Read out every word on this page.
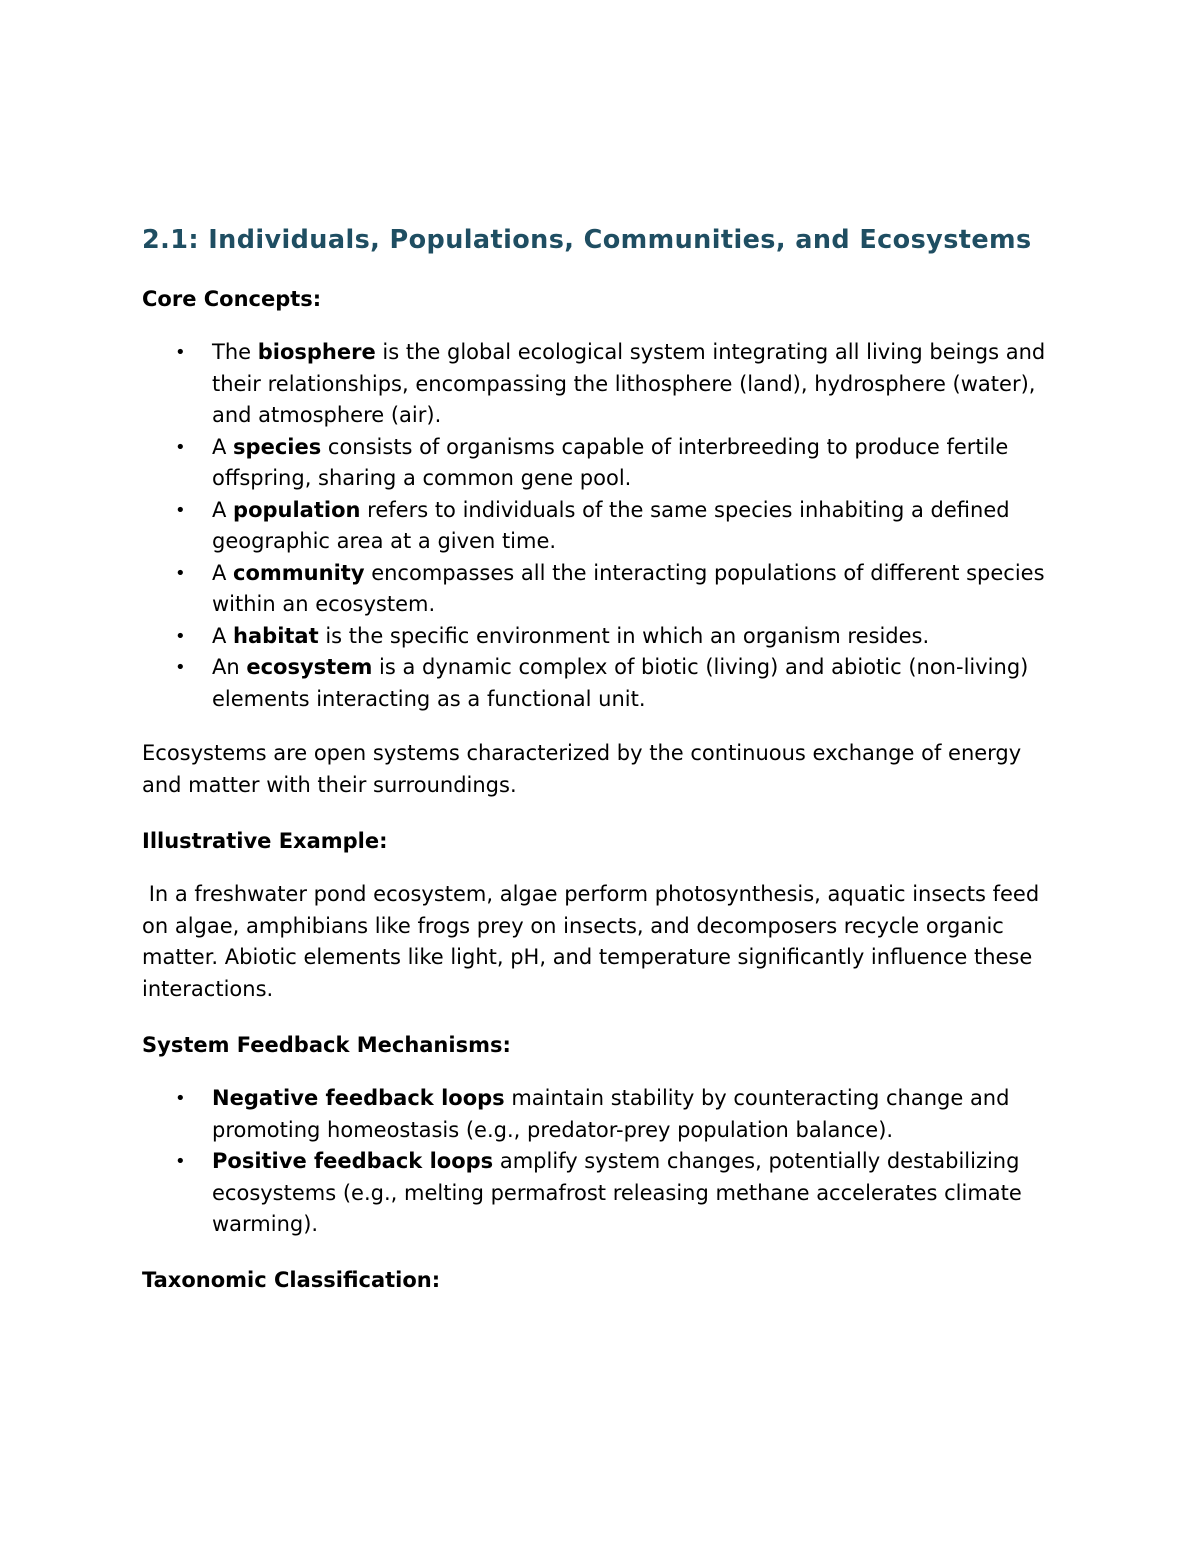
2.1: Individuals, Populations, Communities, and Ecosystems

Core Concepts:

• The biosphere is the global ecological system integrating all living beings and their relationships, encompassing the lithosphere (land), hydrosphere (water), and atmosphere (air).
• A species consists of organisms capable of interbreeding to produce fertile offspring, sharing a common gene pool.
• A population refers to individuals of the same species inhabiting a defined geographic area at a given time.
• A community encompasses all the interacting populations of different species within an ecosystem.
• A habitat is the specific environment in which an organism resides.
• An ecosystem is a dynamic complex of biotic (living) and abiotic (non-living) elements interacting as a functional unit.

Ecosystems are open systems characterized by the continuous exchange of energy and matter with their surroundings.

Illustrative Example:

In a freshwater pond ecosystem, algae perform photosynthesis, aquatic insects feed on algae, amphibians like frogs prey on insects, and decomposers recycle organic matter. Abiotic elements like light, pH, and temperature significantly influence these interactions.

System Feedback Mechanisms:

• Negative feedback loops maintain stability by counteracting change and promoting homeostasis (e.g., predator-prey population balance).
• Positive feedback loops amplify system changes, potentially destabilizing ecosystems (e.g., melting permafrost releasing methane accelerates climate warming).

Taxonomic Classification:
